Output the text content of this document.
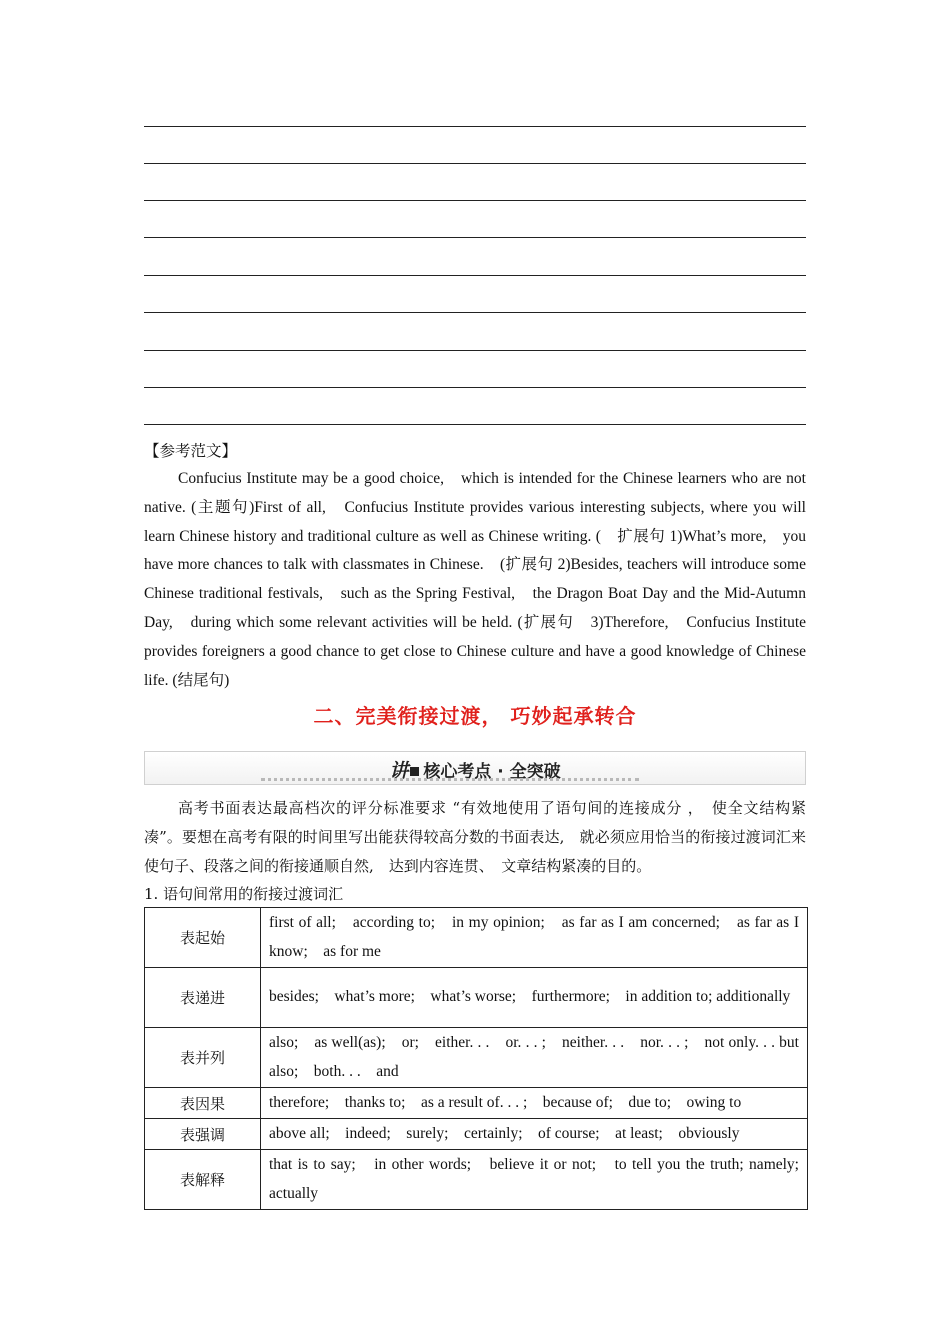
【参考范文】
Confucius Institute may be a good choice,　which is intended for the Chinese learners who are not native. (主题句)First of all,　Confucius Institute provides various interesting subjects, where you will learn Chinese history and traditional culture as well as Chinese writing. (　扩展句 1)What’s more,　you have more chances to talk with classmates in Chinese.　(扩展句 2)Besides, teachers will introduce some Chinese traditional festivals,　such as the Spring Festival,　the Dragon Boat Day and the Mid-Autumn Day,　during which some relevant activities will be held. (扩展句　3)Therefore,　Confucius Institute provides foreigners a good chance to get close to Chinese culture and have a good knowledge of Chinese life. (结尾句)
二、完美衔接过渡， 巧妙起承转合
讲 核心考点 · 全突破
高考书面表达最高档次的评分标准要求 “有效地使用了语句间的连接成分 ，　使全文结构紧凑”。要想在高考有限的时间里写出能获得较高分数的书面表达,　就必须应用恰当的衔接过渡词汇来使句子、段落之间的衔接通顺自然,　达到内容连贯、　文章结构紧凑的目的。
1. 语句间常用的衔接过渡词汇
表起始	first of all;　according to;　in my opinion;　as far as I am concerned;　as far as I know;　as for me
表递进	besides;　what’s more;　what’s worse;　furthermore;　in addition to; additionally
表并列	also;　as well(as);　or;　either. . .　or. . . ;　neither. . .　nor. . . ;　not only. . . but also;　both. . .　and
表因果	therefore;　thanks to;　as a result of. . . ;　because of;　due to;　owing to
表强调	above all;　indeed;　surely;　certainly;　of course;　at least;　obviously
表解释	that is to say;　in other words;　believe it or not;　to tell you the truth; namely;　actually
